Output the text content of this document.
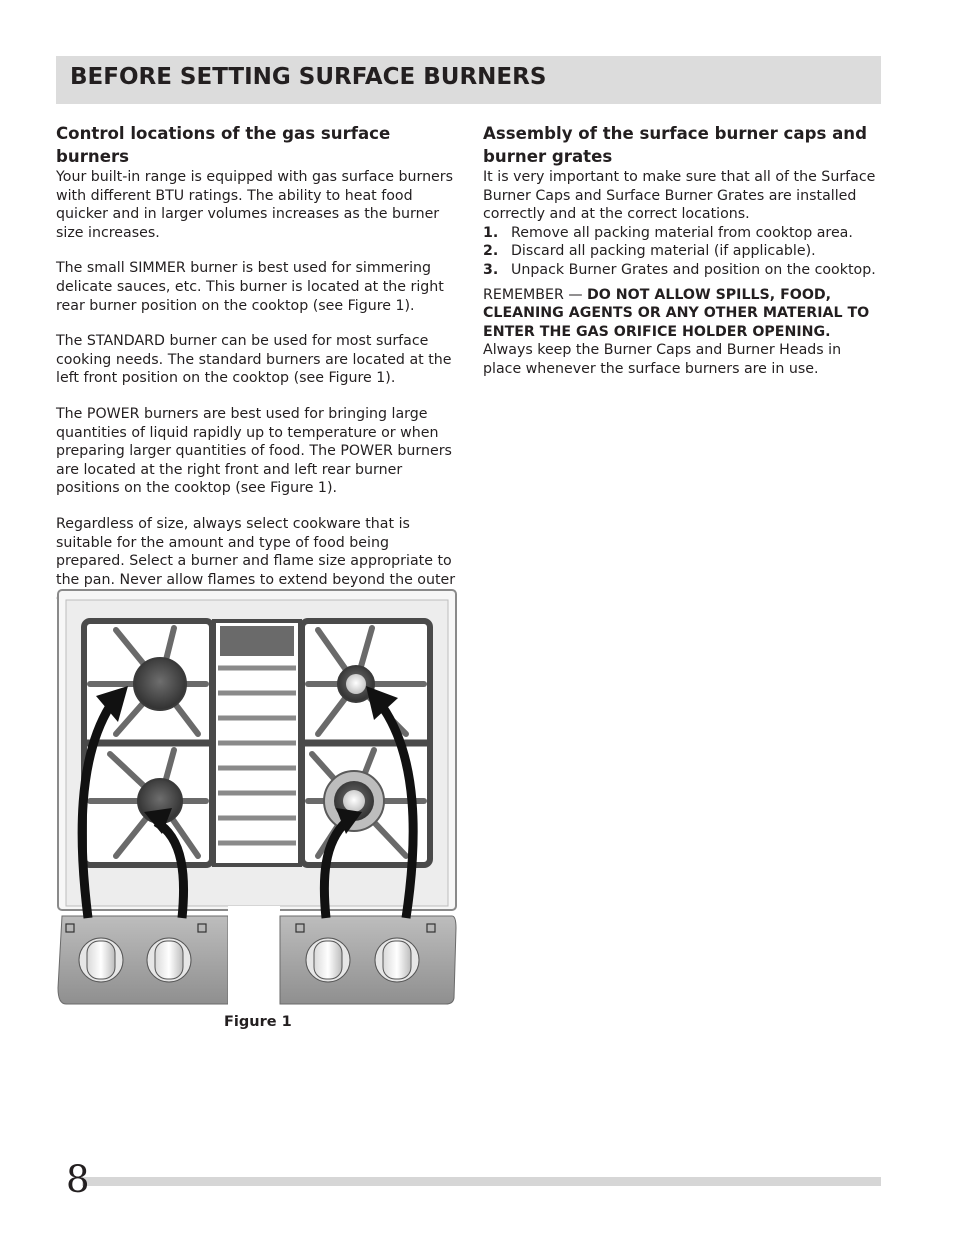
BEFORE SETTING SURFACE BURNERS
Control locations of the gas surface burners

Your built-in range is equipped with gas surface burners with different BTU ratings. The ability to heat food quicker and in larger volumes increases as the burner size increases.

The small SIMMER burner is best used for simmering delicate sauces, etc. This burner is located at the right rear burner position on the cooktop (see Figure 1).

The STANDARD burner can be used for most surface cooking needs. The standard burners are located at the left front position on the cooktop (see Figure 1).

The POWER burners are best used for bringing large quantities of liquid rapidly up to temperature or when preparing larger quantities of food. The POWER burners are located at the right front and left rear burner positions on the cooktop (see Figure 1).

Regardless of size, always select cookware that is suitable for the amount and type of food being prepared. Select a burner and flame size appropriate to the pan. Never allow flames to extend beyond the outer

Assembly of the surface burner caps and burner grates

It is very important to make sure that all of the Surface Burner Caps and Surface Burner Grates are installed correctly and at the correct locations.

1. Remove all packing material from cooktop area.
2. Discard all packing material (if applicable).
3. Unpack Burner Grates and position on the cooktop.

REMEMBER — DO NOT ALLOW SPILLS, FOOD, CLEANING AGENTS OR ANY OTHER MATERIAL TO ENTER THE GAS ORIFICE HOLDER OPENING.
Always keep the Burner Caps and Burner Heads in place whenever the surface burners are in use.

Figure 1
8
